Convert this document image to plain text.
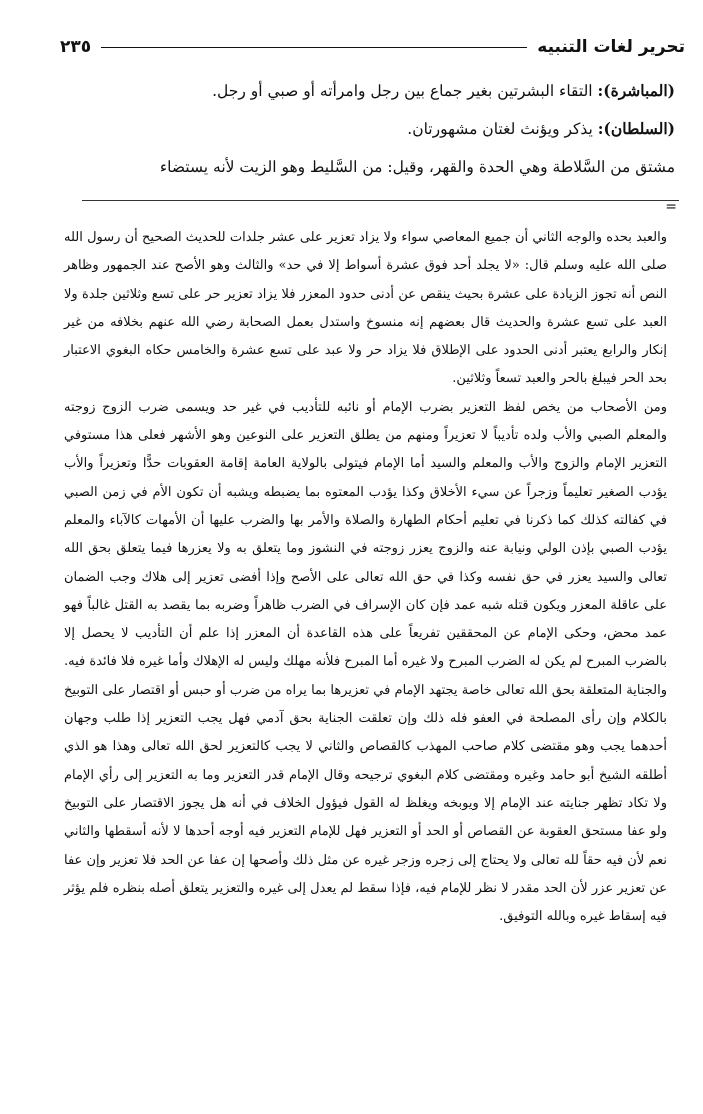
تحرير لغات التنبيه
٢٣٥

(المباشرة): التقاء البشرتين بغير جماع بين رجل وامرأته أو صبي أو رجل.

(السلطان): يذكر ويؤنث لغتان مشهورتان.

مشتق من السَّلاطة وهي الحدة والقهر، وقيل: من السَّليط وهو الزيت لأنه يستضاء

=

والعبد بحده والوجه الثاني أن جميع المعاصي سواء ولا يزاد تعزير على عشر جلدات للحديث الصحيح أن رسول الله صلى الله عليه وسلم قال: «لا يجلد أحد فوق عشرة أسواط إلا في حد» والثالث وهو الأصح عند الجمهور وظاهر النص أنه تجوز الزيادة على عشرة بحيث ينقص عن أدنى حدود المعزر فلا يزاد تعزير حر على تسع وثلاثين جلدة ولا العبد على تسع عشرة والحديث قال بعضهم إنه منسوخ واستدل بعمل الصحابة رضي الله عنهم بخلافه من غير إنكار والرابع يعتبر أدنى الحدود على الإطلاق فلا يزاد حر ولا عبد على تسع عشرة والخامس حكاه البغوي الاعتبار بحد الحر فيبلغ بالحر والعبد تسعاً وثلاثين.

ومن الأصحاب من يخص لفظ التعزير بضرب الإمام أو نائبه للتأديب في غير حد ويسمى ضرب الزوج زوجته والمعلم الصبي والأب ولده تأديباً لا تعزيراً ومنهم من يطلق التعزير على النوعين وهو الأشهر فعلى هذا مستوفي التعزير الإمام والزوج والأب والمعلم والسيد أما الإمام فيتولى بالولاية العامة إقامة العقوبات حدًّا وتعزيراً والأب يؤدب الصغير تعليماً وزجراً عن سيء الأخلاق وكذا يؤدب المعتوه بما يضبطه ويشبه أن تكون الأم في زمن الصبي في كفالته كذلك كما ذكرنا في تعليم أحكام الطهارة والصلاة والأمر بها والضرب عليها أن الأمهات كالآباء والمعلم يؤدب الصبي بإذن الولي ونيابة عنه والزوج يعزر زوجته في النشوز وما يتعلق به ولا يعزرها فيما يتعلق بحق الله تعالى والسيد يعزر في حق نفسه وكذا في حق الله تعالى على الأصح وإذا أفضى تعزير إلى هلاك وجب الضمان على عاقلة المعزر ويكون قتله شبه عمد فإن كان الإسراف في الضرب ظاهراً وضربه بما يقصد به القتل غالباً فهو عمد محض، وحكى الإمام عن المحققين تفريعاً على هذه القاعدة أن المعزر إذا علم أن التأديب لا يحصل إلا بالضرب المبرح لم يكن له الضرب المبرح ولا غيره أما المبرح فلأنه مهلك وليس له الإهلاك وأما غيره فلا فائدة فيه.

والجناية المتعلقة بحق الله تعالى خاصة يجتهد الإمام في تعزيرها بما يراه من ضرب أو حبس أو اقتصار على التوبيخ بالكلام وإن رأى المصلحة في العفو فله ذلك وإن تعلقت الجناية بحق آدمي فهل يجب التعزير إذا طلب وجهان أحدهما يجب وهو مقتضى كلام صاحب المهذب كالقصاص والثاني لا يجب كالتعزير لحق الله تعالى وهذا هو الذي أطلقه الشيخ أبو حامد وغيره ومقتضى كلام البغوي ترجيحه وقال الإمام قدر التعزير وما به التعزير إلى رأي الإمام ولا تكاد تظهر جنايته عند الإمام إلا ويوبخه ويغلظ له القول فيؤول الخلاف في أنه هل يجوز الاقتصار على التوبيخ ولو عفا مستحق العقوبة عن القصاص أو الحد أو التعزير فهل للإمام التعزير فيه أوجه أحدها لا لأنه أسقطها والثاني نعم لأن فيه حقاً لله تعالى ولا يحتاج إلى زجره وزجر غيره عن مثل ذلك وأصحها إن عفا عن الحد فلا تعزير وإن عفا عن تعزير عزر لأن الحد مقدر لا نظر للإمام فيه، فإذا سقط لم يعدل إلى غيره والتعزير يتعلق أصله بنظره فلم يؤثر فيه إسقاط غيره وبالله التوفيق.
